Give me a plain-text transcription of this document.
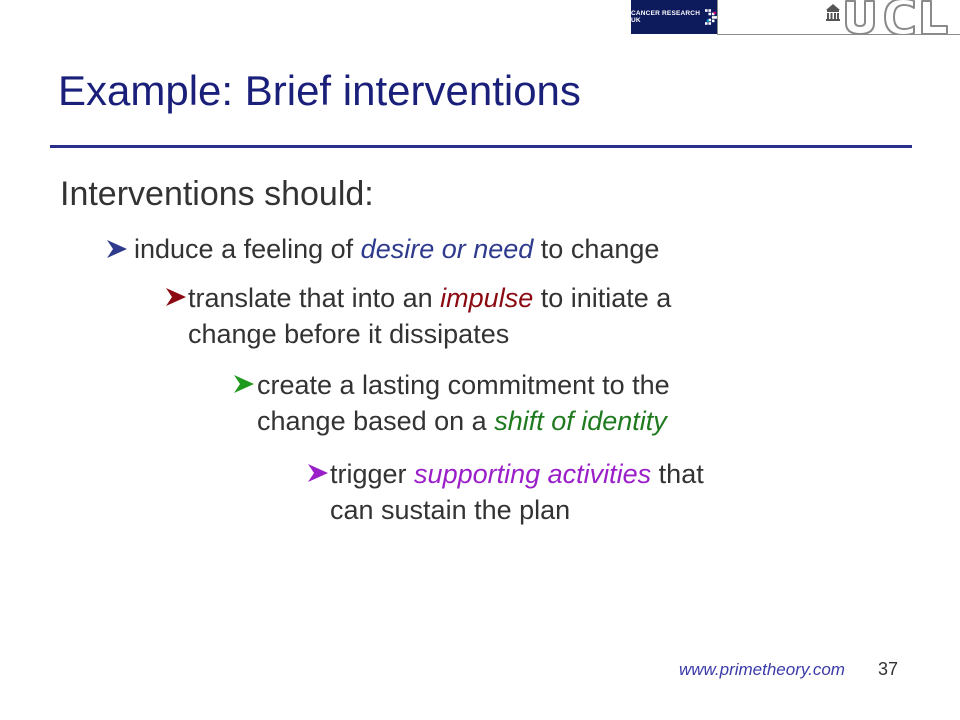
CANCER RESEARCH UK
Example: Brief interventions
Interventions should:
induce a feeling of desire or need to change
translate that into an impulse to initiate a
change before it dissipates
create a lasting commitment to the
change based on a shift of identity
trigger supporting activities that
can sustain the plan
www.primetheory.com 37
